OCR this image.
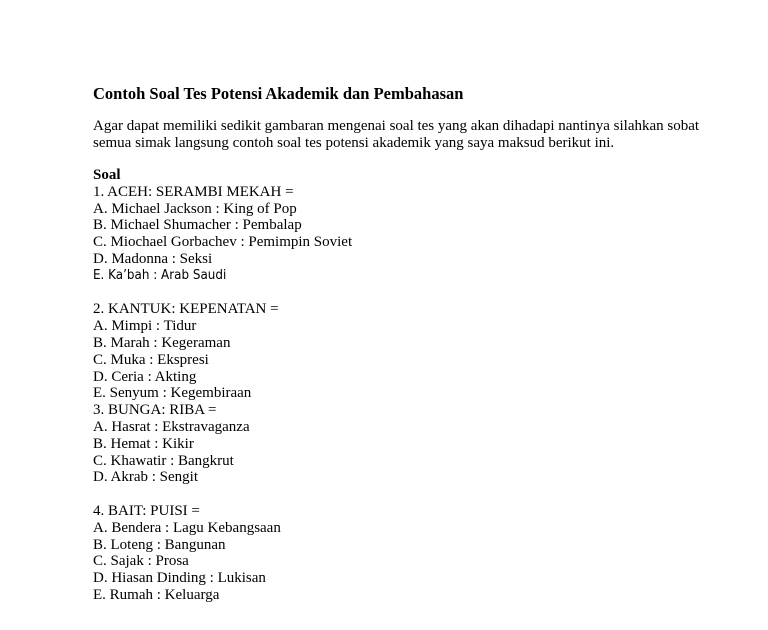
Contoh Soal Tes Potensi Akademik dan Pembahasan
Agar dapat memiliki sedikit gambaran mengenai soal tes yang akan dihadapi nantinya silahkan sobat semua simak langsung contoh soal tes potensi akademik yang saya maksud berikut ini.
Soal
1. ACEH: SERAMBI MEKAH =
A. Michael Jackson : King of Pop
B. Michael Shumacher : Pembalap
C. Miochael Gorbachev : Pemimpin Soviet
D. Madonna : Seksi
E. Ka’bah : Arab Saudi
2. KANTUK: KEPENATAN =
A. Mimpi : Tidur
B. Marah : Kegeraman
C. Muka : Ekspresi
D. Ceria : Akting
E. Senyum : Kegembiraan
3. BUNGA: RIBA =
A. Hasrat : Ekstravaganza
B. Hemat : Kikir
C. Khawatir : Bangkrut
D. Akrab : Sengit
4. BAIT: PUISI =
A. Bendera : Lagu Kebangsaan
B. Loteng : Bangunan
C. Sajak : Prosa
D. Hiasan Dinding : Lukisan
E. Rumah : Keluarga
